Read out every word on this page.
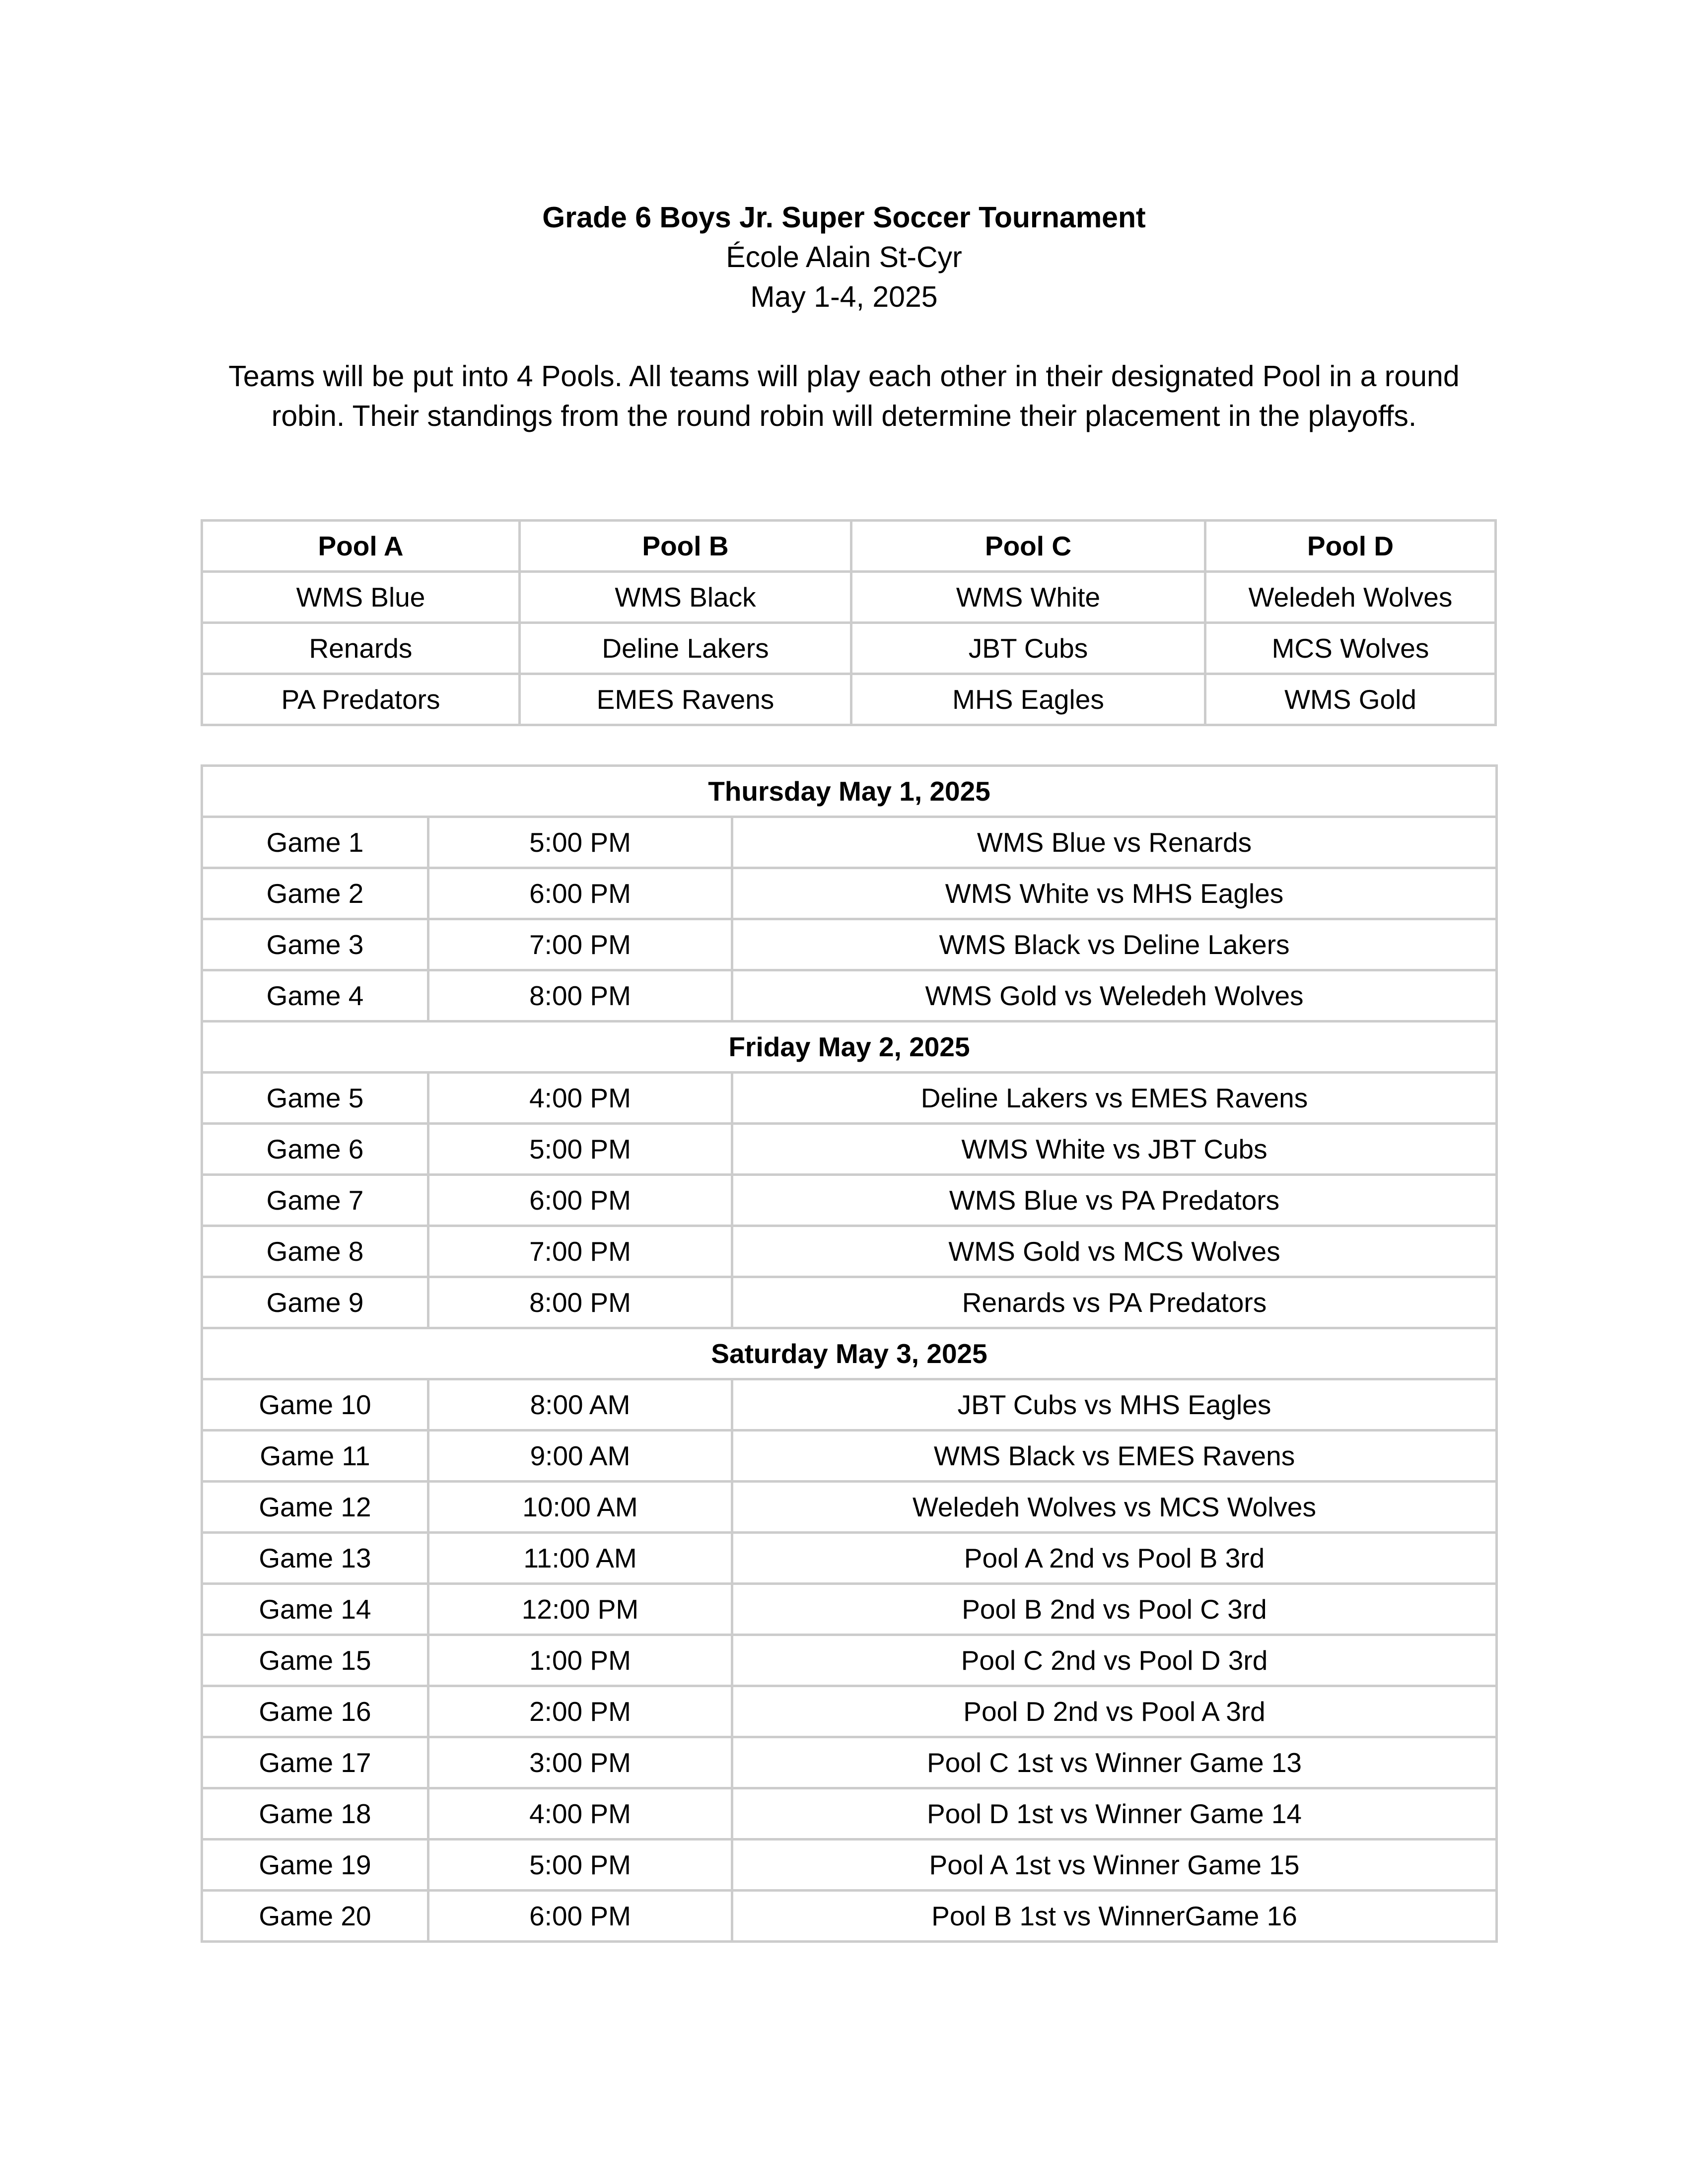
Grade 6 Boys Jr. Super Soccer Tournament
École Alain St-Cyr
May 1-4, 2025
Teams will be put into 4 Pools. All teams will play each other in their designated Pool in a round
robin. Their standings from the round robin will determine their placement in the playoffs.
Pool A	Pool B	Pool C	Pool D
WMS Blue	WMS Black	WMS White	Weledeh Wolves
Renards	Deline Lakers	JBT Cubs	MCS Wolves
PA Predators	EMES Ravens	MHS Eagles	WMS Gold
Thursday May 1, 2025		
Game 1	5:00 PM	WMS Blue vs Renards
Game 2	6:00 PM	WMS White vs MHS Eagles
Game 3	7:00 PM	WMS Black vs Deline Lakers
Game 4	8:00 PM	WMS Gold vs Weledeh Wolves
Friday May 2, 2025		
Game 5	4:00 PM	Deline Lakers vs EMES Ravens
Game 6	5:00 PM	WMS White vs JBT Cubs
Game 7	6:00 PM	WMS Blue vs PA Predators
Game 8	7:00 PM	WMS Gold vs MCS Wolves
Game 9	8:00 PM	Renards vs PA Predators
Saturday May 3, 2025		
Game 10	8:00 AM	JBT Cubs vs MHS Eagles
Game 11	9:00 AM	WMS Black vs EMES Ravens
Game 12	10:00 AM	Weledeh Wolves vs MCS Wolves
Game 13	11:00 AM	Pool A 2nd vs Pool B 3rd
Game 14	12:00 PM	Pool B 2nd vs Pool C 3rd
Game 15	1:00 PM	Pool C 2nd vs Pool D 3rd
Game 16	2:00 PM	Pool D 2nd vs Pool A 3rd
Game 17	3:00 PM	Pool C 1st vs Winner Game 13
Game 18	4:00 PM	Pool D 1st vs Winner Game 14
Game 19	5:00 PM	Pool A 1st vs Winner Game 15
Game 20	6:00 PM	Pool B 1st vs WinnerGame 16
